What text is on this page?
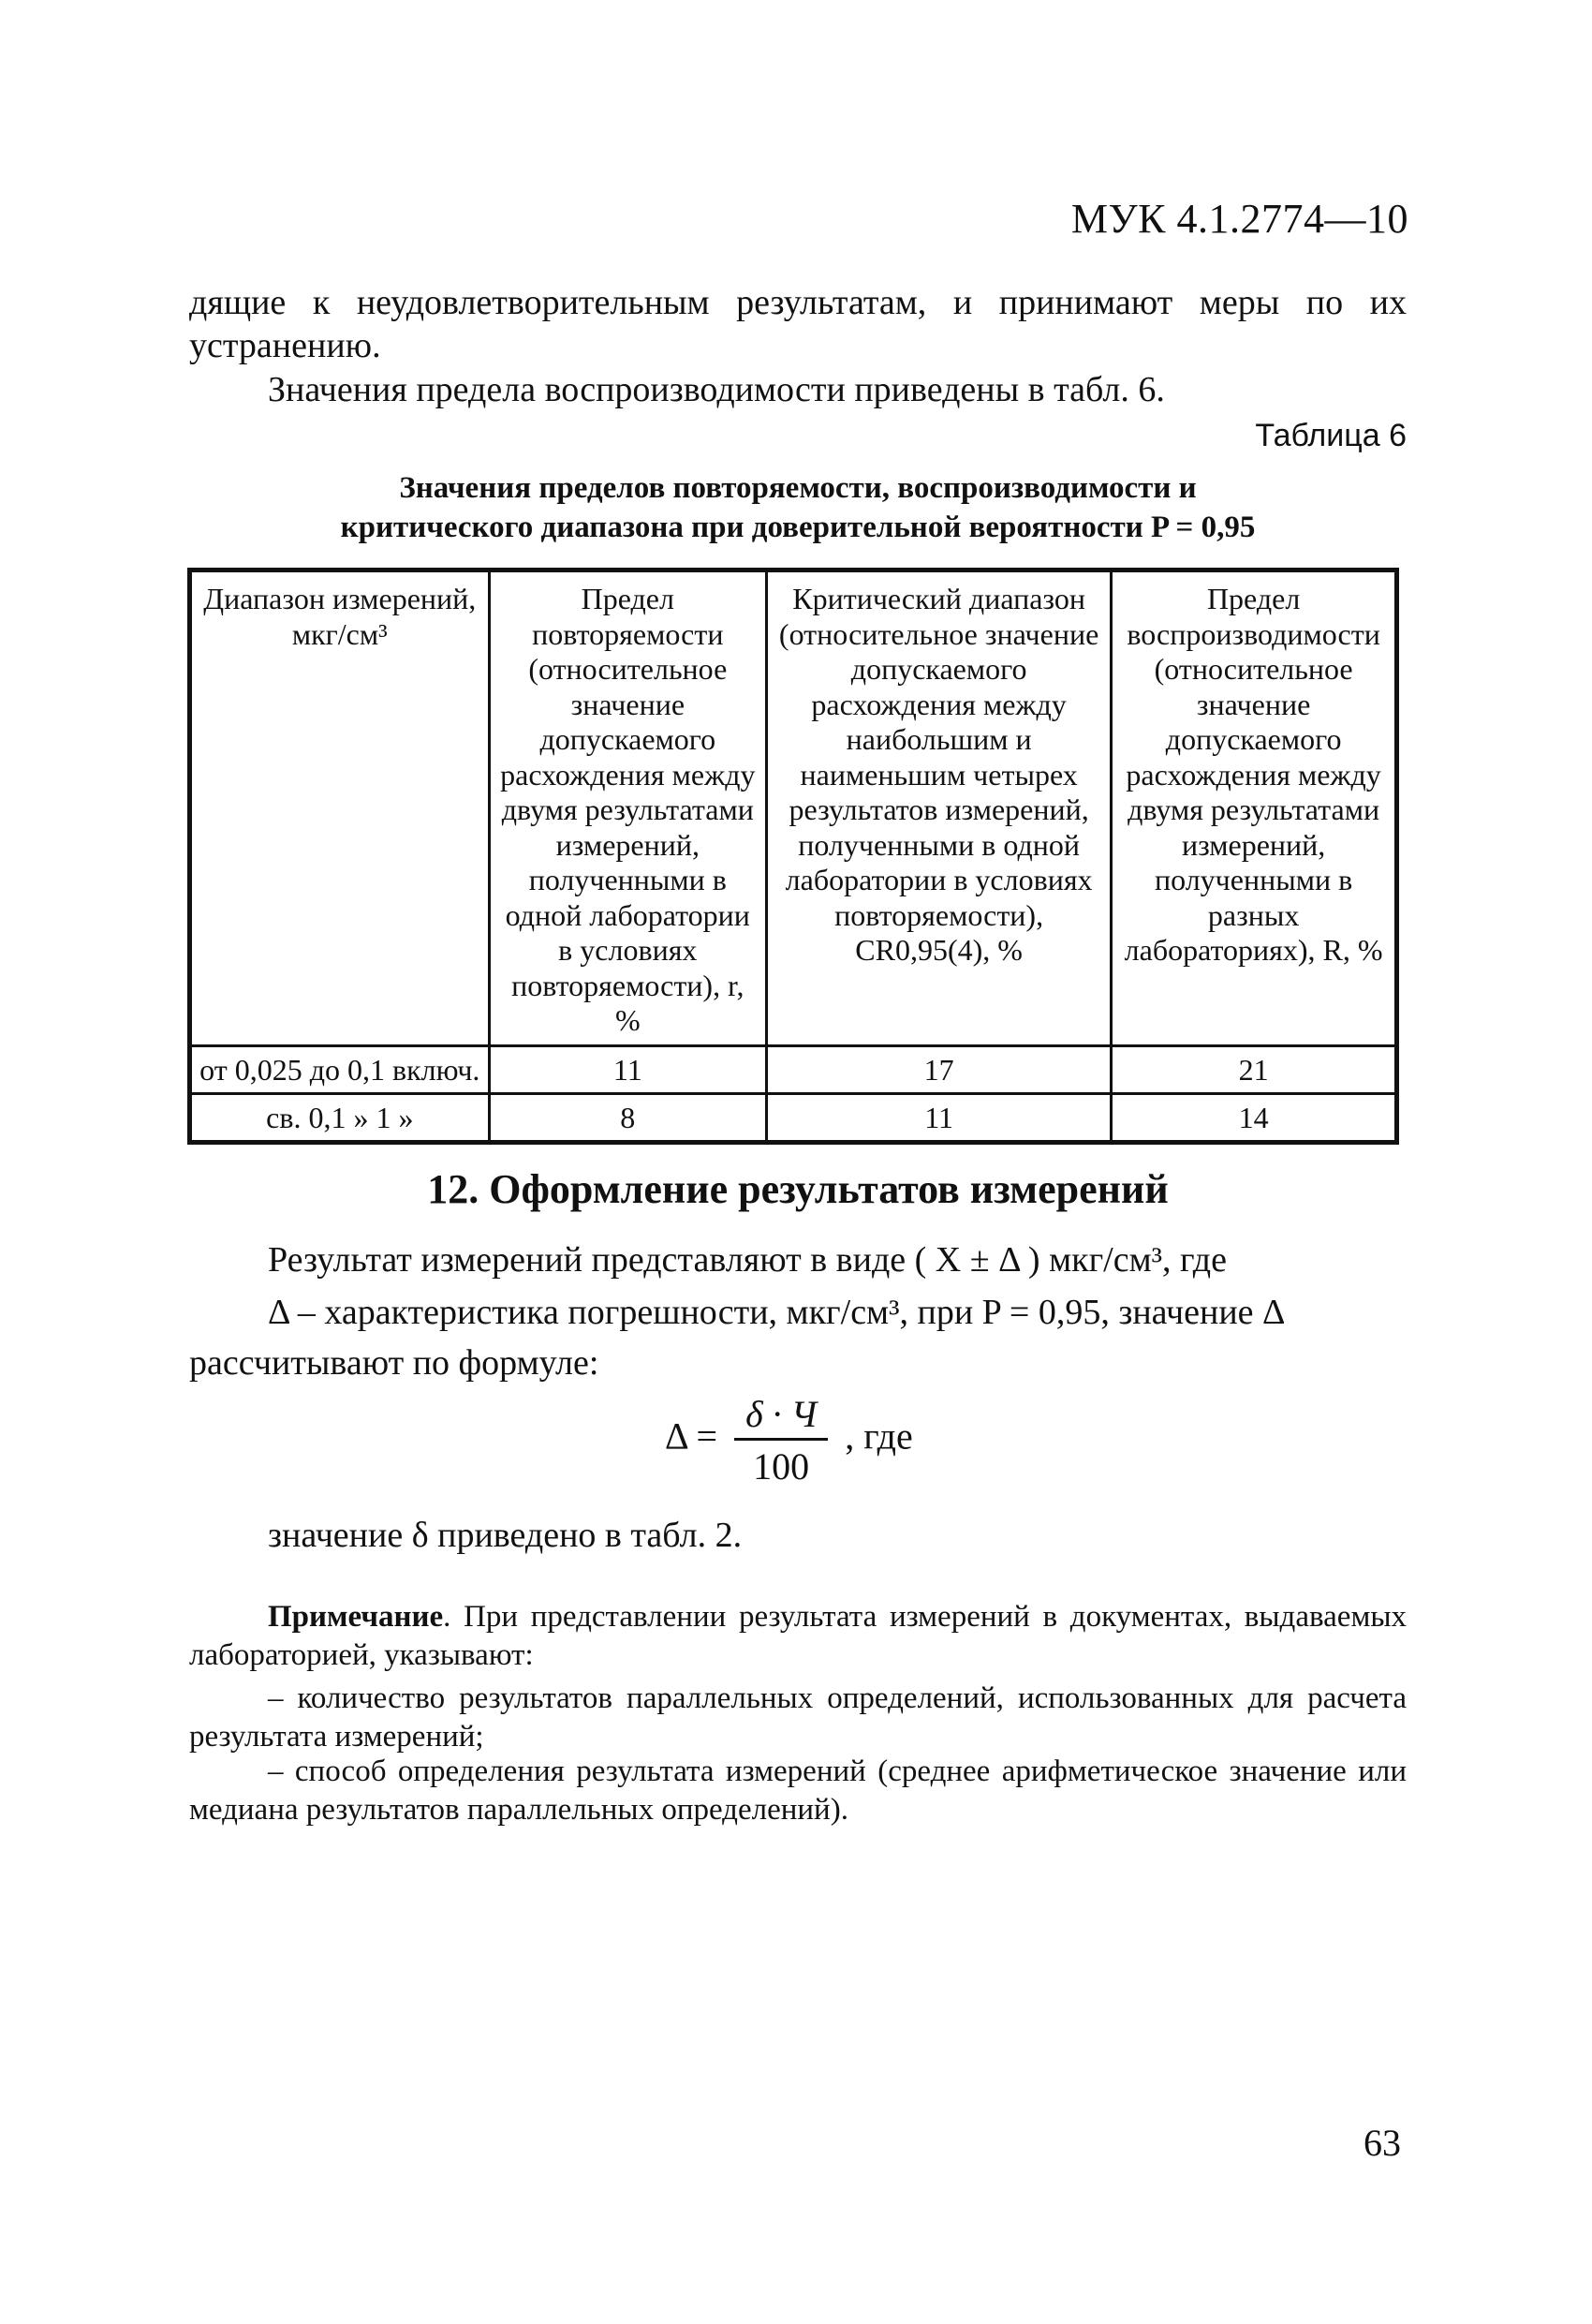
МУК 4.1.2774—10
дящие к неудовлетворительным результатам, и принимают меры по их устранению.
Значения предела воспроизводимости приведены в табл. 6.
Таблица 6
Значения пределов повторяемости, воспроизводимости и
критического диапазона при доверительной вероятности P = 0,95
Диапазон измерений, мкг/см³	Предел повторяемости (относительное значение допускаемого расхождения между двумя результатами измерений, полученными в одной лаборатории в условиях повторяемости), r, %	Критический диапазон (относительное значение допускаемого расхождения между наибольшим и наименьшим четырех результатов измерений, полученными в одной лаборатории в условиях повторяемости), CR0,95(4), %	Предел воспроизводимости (относительное значение допускаемого расхождения между двумя результатами измерений, полученными в разных лабораториях), R, %
от 0,025 до 0,1 включ.	11	17	21
св. 0,1 » 1 »	8	11	14
12. Оформление результатов измерений
Результат измерений представляют в виде ( X ± Δ ) мкг/см³, где
Δ – характеристика погрешности, мкг/см³, при P = 0,95, значение Δ
рассчитывают по формуле:
$\Delta = \frac{\delta \cdot Ч}{100}$ , где
значение δ приведено в табл. 2.
Примечание. При представлении результата измерений в документах, выдаваемых лабораторией, указывают:
– количество результатов параллельных определений, использованных для расчета результата измерений;
– способ определения результата измерений (среднее арифметическое значение или медиана результатов параллельных определений).
63
